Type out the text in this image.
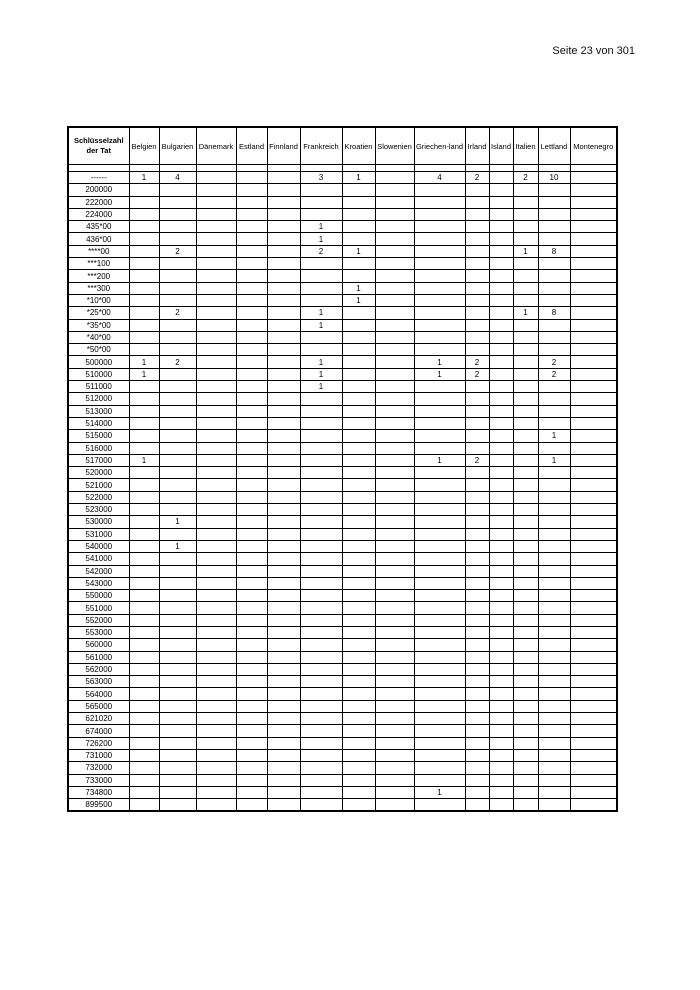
Seite 23 von 301
Schlüsselzahl der Tat	Belgien	Bulgarien	Dänemark	Estland	Finnland	Frankreich	Kroatien	Slowenien	Griechen-land	Irland	Island	Italien	Lettland	Montenegro

------	1	4				3	1		4	2		2	10	
200000														
222000														
224000														
435*00						1								
436*00						1								
****00		2				2	1					1	8	
***100														
***200														
***300							1							
*10*00							1							
*25*00		2				1						1	8	
*35*00						1								
*40*00														
*50*00														
500000	1	2				1			1	2			2	
510000	1					1			1	2			2	
511000						1								
512000														
513000														
514000														
515000													1	
516000														
517000	1								1	2			1	
520000														
521000														
522000														
523000														
530000		1												
531000														
540000		1												
541000														
542000														
543000														
550000														
551000														
552000														
553000														
560000														
561000														
562000														
563000														
564000														
565000														
621020														
674000														
726200														
731000														
732000														
733000														
734800									1					
899500														
